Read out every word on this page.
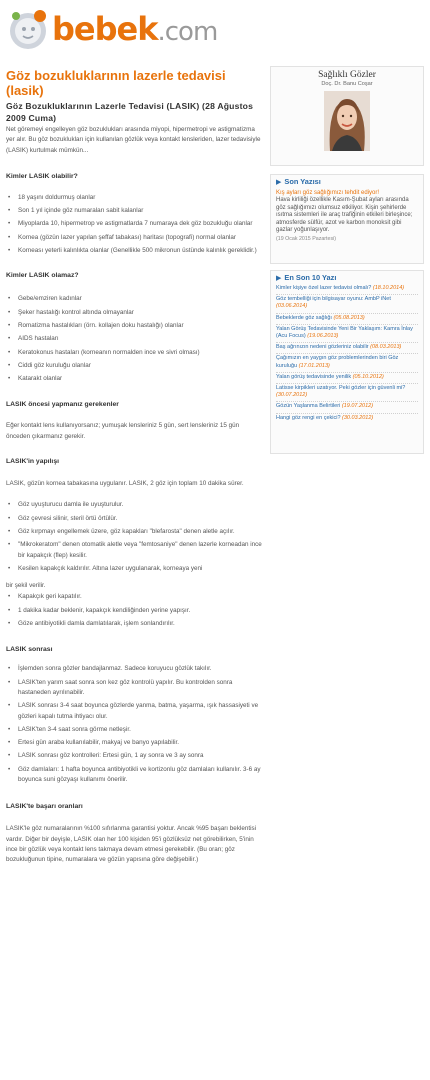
bebek.com
Göz bozukluklarının lazerle tedavisi (lasik)
Göz Bozukluklarının Lazerle Tedavisi (LASIK) (28 Ağustos 2009 Cuma)

Net göremeyi engelleyen göz bozuklukları arasında miyopi, hipermetropi ve astigmatizma yer alır. Bu göz bozuklukları için kullanılan gözlük veya kontakt lensleriden, lazer tedavisiyle (LASIK) kurtulmak mümkün...

Kimler LASIK olabilir?
• 18 yaşını doldurmuş olanlar
• Son 1 yıl içinde göz numaraları sabit kalanlar
• Miyoplarda 10, hipermetrop ve astigmatlarda 7 numaraya dek göz bozukluğu olanlar
• Kornea (gözün lazer yapılan şeffaf tabakası) haritası (topografi) normal olanlar
• Korneası yeterli kalınlıkta olanlar (Genellikle 500 mikronun üstünde kalınlık gereklidir.)
Kimler LASIK olamaz?
• Gebe/emziren kadınlar
• Şeker hastalığı kontrol altında olmayanlar
• Romatizma hastalıkları (örn. kollajen doku hastalığı) olanlar
• AIDS hastaları
• Keratokonus hastaları (korneanın normalden ince ve sivri olması)
• Ciddi göz kuruluğu olanlar
• Katarakt olanlar
LASIK öncesi yapmanız gerekenler

Eğer kontakt lens kullanıyorsanız; yumuşak lensleriniz 5 gün, sert lensleriniz 15 gün önceden çıkarmanız gerekir.

LASIK'in yapılışı

LASIK, gözün kornea tabakasına uygulanır. LASIK, 2 göz için toplam 10 dakika sürer.

• Göz uyuşturucu damla ile uyuşturulur.
• Göz çevresi silinir, steril örtü örtülür.
• Göz kırpmayı engellemek üzere, göz kapakları "blefarosta" denen aletle açılır.
• "Mikrokeratom" denen otomatik aletle veya "femtosaniye" denen lazerle korneadan ince bir kapakçık (flep) kesilir.
• Kesilen kapakçık kaldırılır. Altına lazer uygulanarak, korneaya yeni

bir şekil verilir.

• Kapakçık geri kapatılır.
• 1 dakika kadar beklenir, kapakçık kendiliğinden yerine yapışır.
• Göze antibiyotikli damla damlatılarak, işlem sonlandırılır.
LASIK sonrası
• İşlemden sonra gözler bandajlanmaz. Sadece koruyucu gözlük takılır.
• LASIK'ten yarım saat sonra son kez göz kontrolü yapılır. Bu kontrolden sonra hastaneden ayrılınabilir.
• LASIK sonrası 3-4 saat boyunca gözlerde yanma, batma, yaşarma, ışık hassasiyeti ve gözleri kapalı tutma ihtiyacı olur.
• LASIK'ten 3-4 saat sonra görme netleşir.
• Ertesi gün araba kullanılabilir, makyaj ve banyo yapılabilir.
• LASIK sonrası göz kontrolleri: Ertesi gün, 1 ay sonra ve 3 ay sonra
• Göz damlaları: 1 hafta boyunca antibiyotikli ve kortizonlu göz damlaları kullanılır. 3-6 ay boyunca suni gözyaşı kullanımı önerilir.
LASIK'te başarı oranları

LASIK'le göz numaralarının %100 sıfırlanma garantisi yoktur. Ancak %95 başarı beklentisi vardır. Diğer bir deyişle, LASIK olan her 100 kişiden 95'i gözlüksüz net görebilirken, 5'inin ince bir gözlük veya kontakt lens takmaya devam etmesi gerekebilir. (Bu oran; göz bozukluğunun tipine, numaralara ve gözün yapısına göre değişebilir.)

Sağlıklı Gözler
Doç. Dr. Banu Coşar
▶ Son Yazısı
Kış ayları göz sağlığımızı tehdit ediyor!
Hava kirliliği özellikle Kasım-Şubat ayları arasında göz sağlığımızı olumsuz etkiliyor. Kişin şehirlerde ısıtma sistemleri ile araç trafiğinin etkileri birleşince; atmosferde sülfür, azot ve karbon monoksit gibi gazlar yoğunlaşıyor.
(19 Ocak 2015 Pazartesi)
▶ En Son 10 Yazı
Kimler kişiye özel lazer tedavisi olmalı? (18.10.2014)
Göz tembelliği için bilgisayar oyunu: AmbP iNet (03.06.2014)
Bebeklerde göz sağlığı (05.08.2013)
Yalan Görüş Tedavisinde Yeni Bir Yaklaşım: Kamra İnlay (Acu Focus) (19.06.2013)
Baş ağrınızın nedeni gözleriniz olabilir (08.03.2013)
Çağımızın en yaygın göz problemlerinden biri Göz kuruluğu (17.01.2013)
Yalan görüş tedavisinde yenilik (05.10.2012)
Latisse kirpikleri uzatıyor. Peki gözler için güvenli mi? (30.07.2012)
Gözün Yaşlanma Belirtileri (19.07.2012)
Hangi göz rengi en çekici? (30.03.2012)
